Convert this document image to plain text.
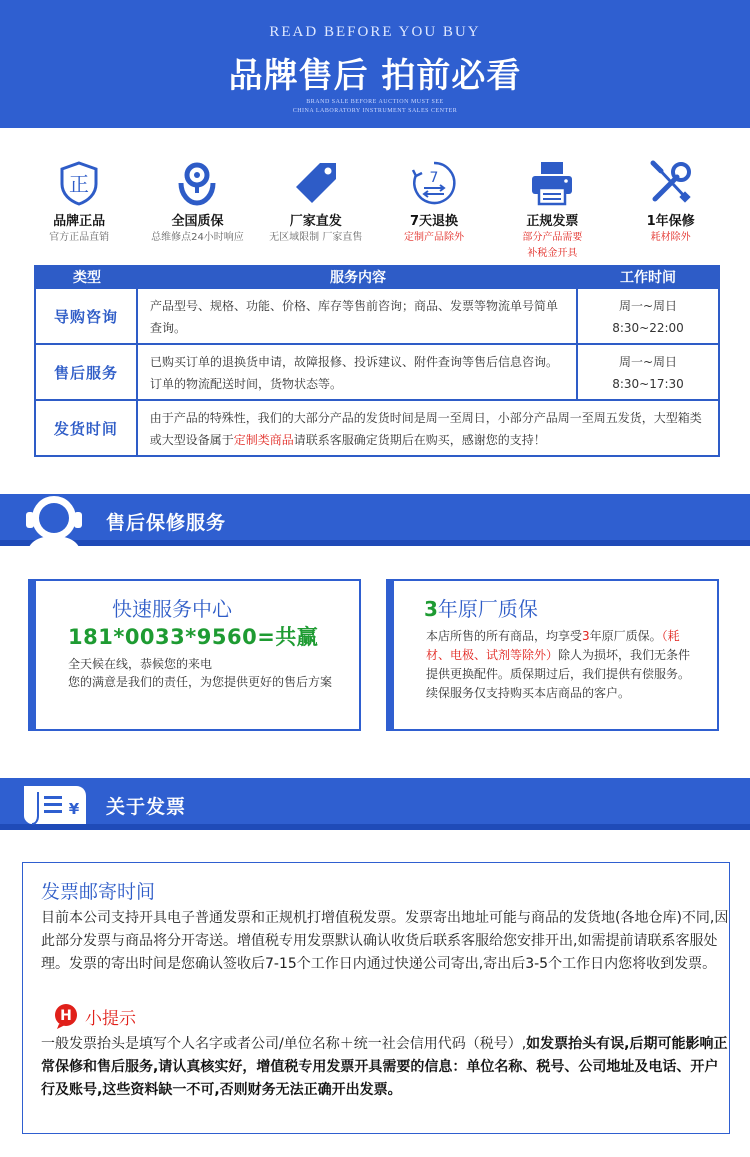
READ BEFORE YOU BUY
品牌售后 拍前必看
BRAND SALE BEFORE AUCTION MUST SEE
CHINA LABORATORY INSTRUMENT SALES CENTER
正
品牌正品
官方正品直销
全国质保
总维修点24小时响应
厂家直发
无区域限制 厂家直售
7
7天退换
定制产品除外
正规发票
部分产品需要
补税金开具
1年保修
耗材除外
类型	服务内容	工作时间
导购咨询
产品型号、规格、功能、价格、库存等售前咨询；商品、发票等物流单号简单查询。
周一~周日
8:30~22:00
售后服务
已购买订单的退换货申请，故障报修、投诉建议、附件查询等售后信息咨询。订单的物流配送时间，货物状态等。
周一~周日
8:30~17:30
发货时间
由于产品的特殊性，我们的大部分产品的发货时间是周一至周日，小部分产品周一至周五发货，大型箱类或大型设备属于定制类商品请联系客服确定货期后在购买，感谢您的支持！
售后保修服务
快速服务中心
181*0033*9560=共赢
全天候在线，恭候您的来电
您的满意是我们的责任，为您提供更好的售后方案
3年原厂质保
本店所售的所有商品，均享受3年原厂质保。（耗材、电极、试剂等除外）除人为损坏，我们无条件提供更换配件。质保期过后，我们提供有偿服务。续保服务仅支持购买本店商品的客户。
¥ 关于发票
发票邮寄时间
目前本公司支持开具电子普通发票和正规机打增值税发票。发票寄出地址可能与商品的发货地(各地仓库)不同,因此部分发票与商品将分开寄送。增值税专用发票默认确认收货后联系客服给您安排开出,如需提前请联系客服处理。发票的寄出时间是您确认签收后7-15个工作日内通过快递公司寄出,寄出后3-5个工作日内您将收到发票。
H 小提示
一般发票抬头是填写个人名字或者公司/单位名称＋统一社会信用代码（税号）,如发票抬头有误,后期可能影响正常保修和售后服务,请认真核实好，增值税专用发票开具需要的信息：单位名称、税号、公司地址及电话、开户行及账号,这些资料缺一不可,否则财务无法正确开出发票。
